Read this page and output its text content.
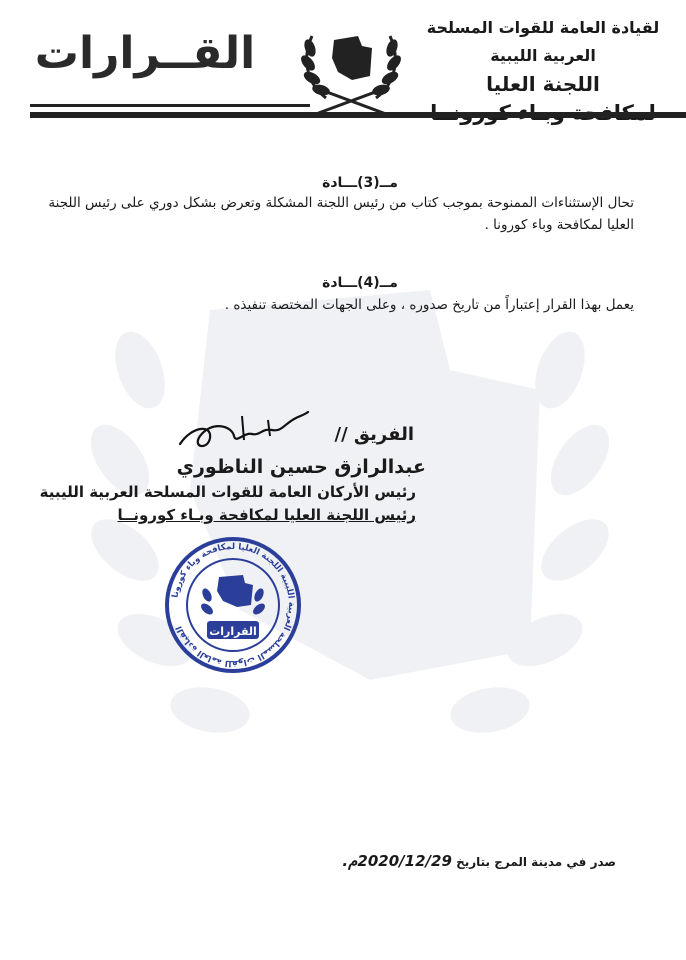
القــرارات
لقيادة العامة للقوات المسلحة العربية الليبية
اللجنة العليا
مــ(3)ـــادة
تحال الإستثناءات الممنوحة بموجب كتاب من رئيس اللجنة المشكلة وتعرض بشكل دوري على رئيس اللجنة العليا لمكافحة وباء كورونا .
مــ(4)ـــادة
يعمل بهذا القرار إعتباراً من تاريخ صدوره ، وعلى الجهات المختصة تنفيذه .
الفريق //
عبدالرازق حسين الناظوري
رئيس الأركان العامة للقوات المسلحة العربية الليبية
رئيس اللجنة العليا لمكافحة وبـاء كورونــا
القرارات
القيادة العامة للقوات المسلحة العربية الليبية اللجنة العليا لمكافحة وباء كورونا
صدر في مدينة المرج بتاريخ 2020/12/29م.
